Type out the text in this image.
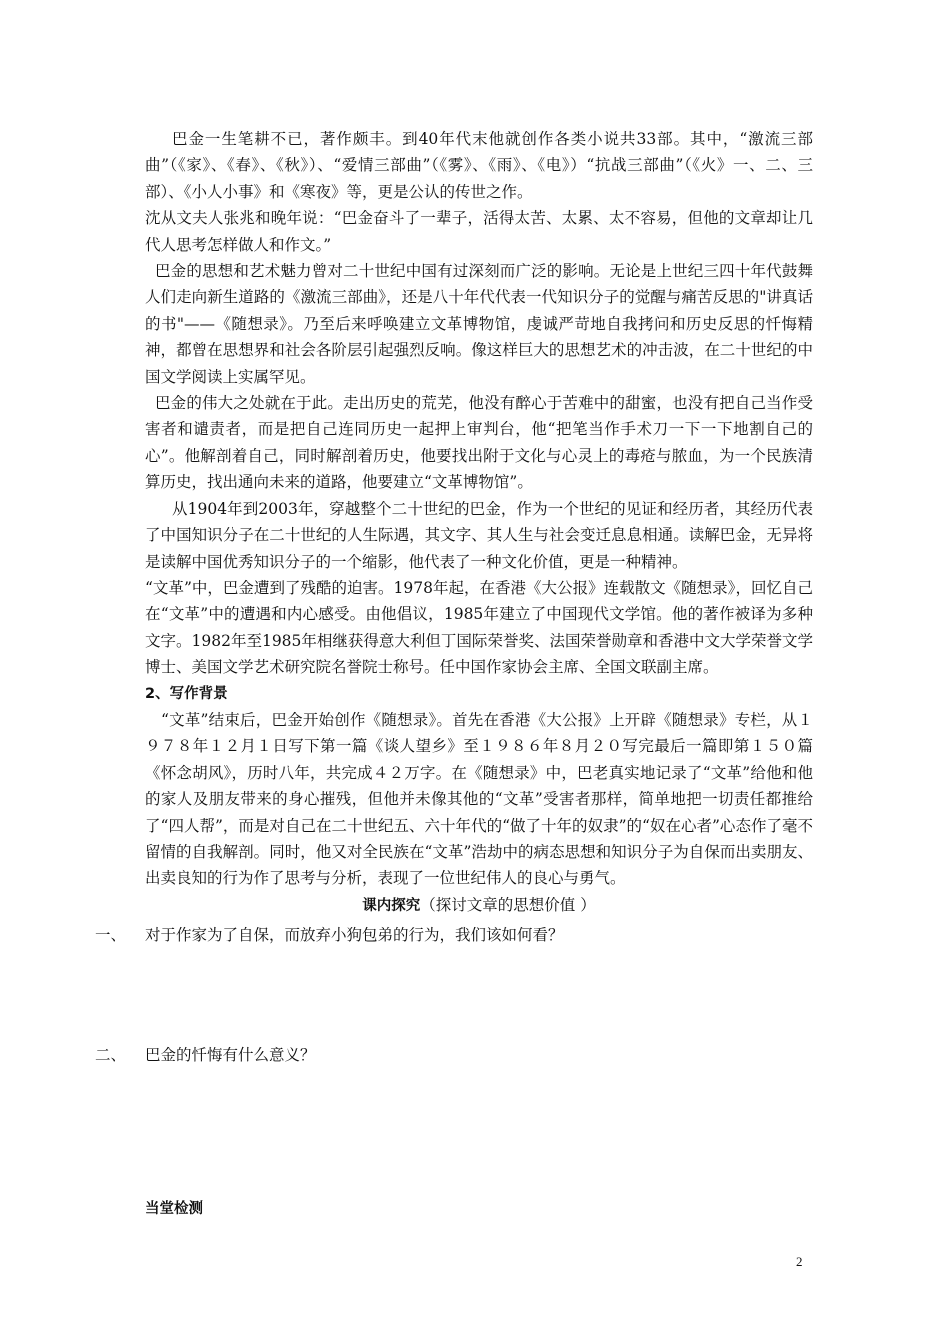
巴金一生笔耕不已，著作颇丰。到40年代末他就创作各类小说共33部。其中，“激流三部曲”（《家》、《春》、《秋》）、“爱情三部曲”（《雾》、《雨》、《电》）“抗战三部曲”（《火》一、二、三部）、《小人小事》和《寒夜》等，更是公认的传世之作。

沈从文夫人张兆和晚年说：“巴金奋斗了一辈子，活得太苦、太累、太不容易，但他的文章却让几代人思考怎样做人和作文。”

巴金的思想和艺术魅力曾对二十世纪中国有过深刻而广泛的影响。无论是上世纪三四十年代鼓舞人们走向新生道路的《激流三部曲》，还是八十年代代表一代知识分子的觉醒与痛苦反思的"讲真话的书"——《随想录》。乃至后来呼唤建立文革博物馆，虔诚严苛地自我拷问和历史反思的忏悔精神，都曾在思想界和社会各阶层引起强烈反响。像这样巨大的思想艺术的冲击波，在二十世纪的中国文学阅读上实属罕见。

巴金的伟大之处就在于此。走出历史的荒芜，他没有醉心于苦难中的甜蜜，也没有把自己当作受害者和谴责者，而是把自己连同历史一起押上审判台，他“把笔当作手术刀一下一下地割自己的心”。他解剖着自己，同时解剖着历史，他要找出附于文化与心灵上的毒疮与脓血，为一个民族清算历史，找出通向未来的道路，他要建立“文革博物馆”。

从1904年到2003年，穿越整个二十世纪的巴金，作为一个世纪的见证和经历者，其经历代表了中国知识分子在二十世纪的人生际遇，其文字、其人生与社会变迁息息相通。读解巴金，无异将是读解中国优秀知识分子的一个缩影，他代表了一种文化价值，更是一种精神。

“文革”中，巴金遭到了残酷的迫害。1978年起，在香港《大公报》连载散文《随想录》，回忆自己在“文革”中的遭遇和内心感受。由他倡议，1985年建立了中国现代文学馆。他的著作被译为多种文字。1982年至1985年相继获得意大利但丁国际荣誉奖、法国荣誉勋章和香港中文大学荣誉文学博士、美国文学艺术研究院名誉院士称号。任中国作家协会主席、全国文联副主席。

2、写作背景

“文革”结束后，巴金开始创作《随想录》。首先在香港《大公报》上开辟《随想录》专栏，从１９７８年１２月１日写下第一篇《谈人望乡》至１９８６年８月２０写完最后一篇即第１５０篇《怀念胡风》，历时八年，共完成４２万字。在《随想录》中，巴老真实地记录了“文革”给他和他的家人及朋友带来的身心摧残，但他并未像其他的“文革”受害者那样，简单地把一切责任都推给了“四人帮”，而是对自己在二十世纪五、六十年代的“做了十年的奴隶”的“奴在心者”心态作了毫不留情的自我解剖。同时，他又对全民族在“文革”浩劫中的病态思想和知识分子为自保而出卖朋友、出卖良知的行为作了思考与分析，表现了一位世纪伟人的良心与勇气。

课内探究（探讨文章的思想价值 ）

一、 对于作家为了自保，而放弃小狗包弟的行为，我们该如何看？
二、 巴金的忏悔有什么意义？
当堂检测
2
